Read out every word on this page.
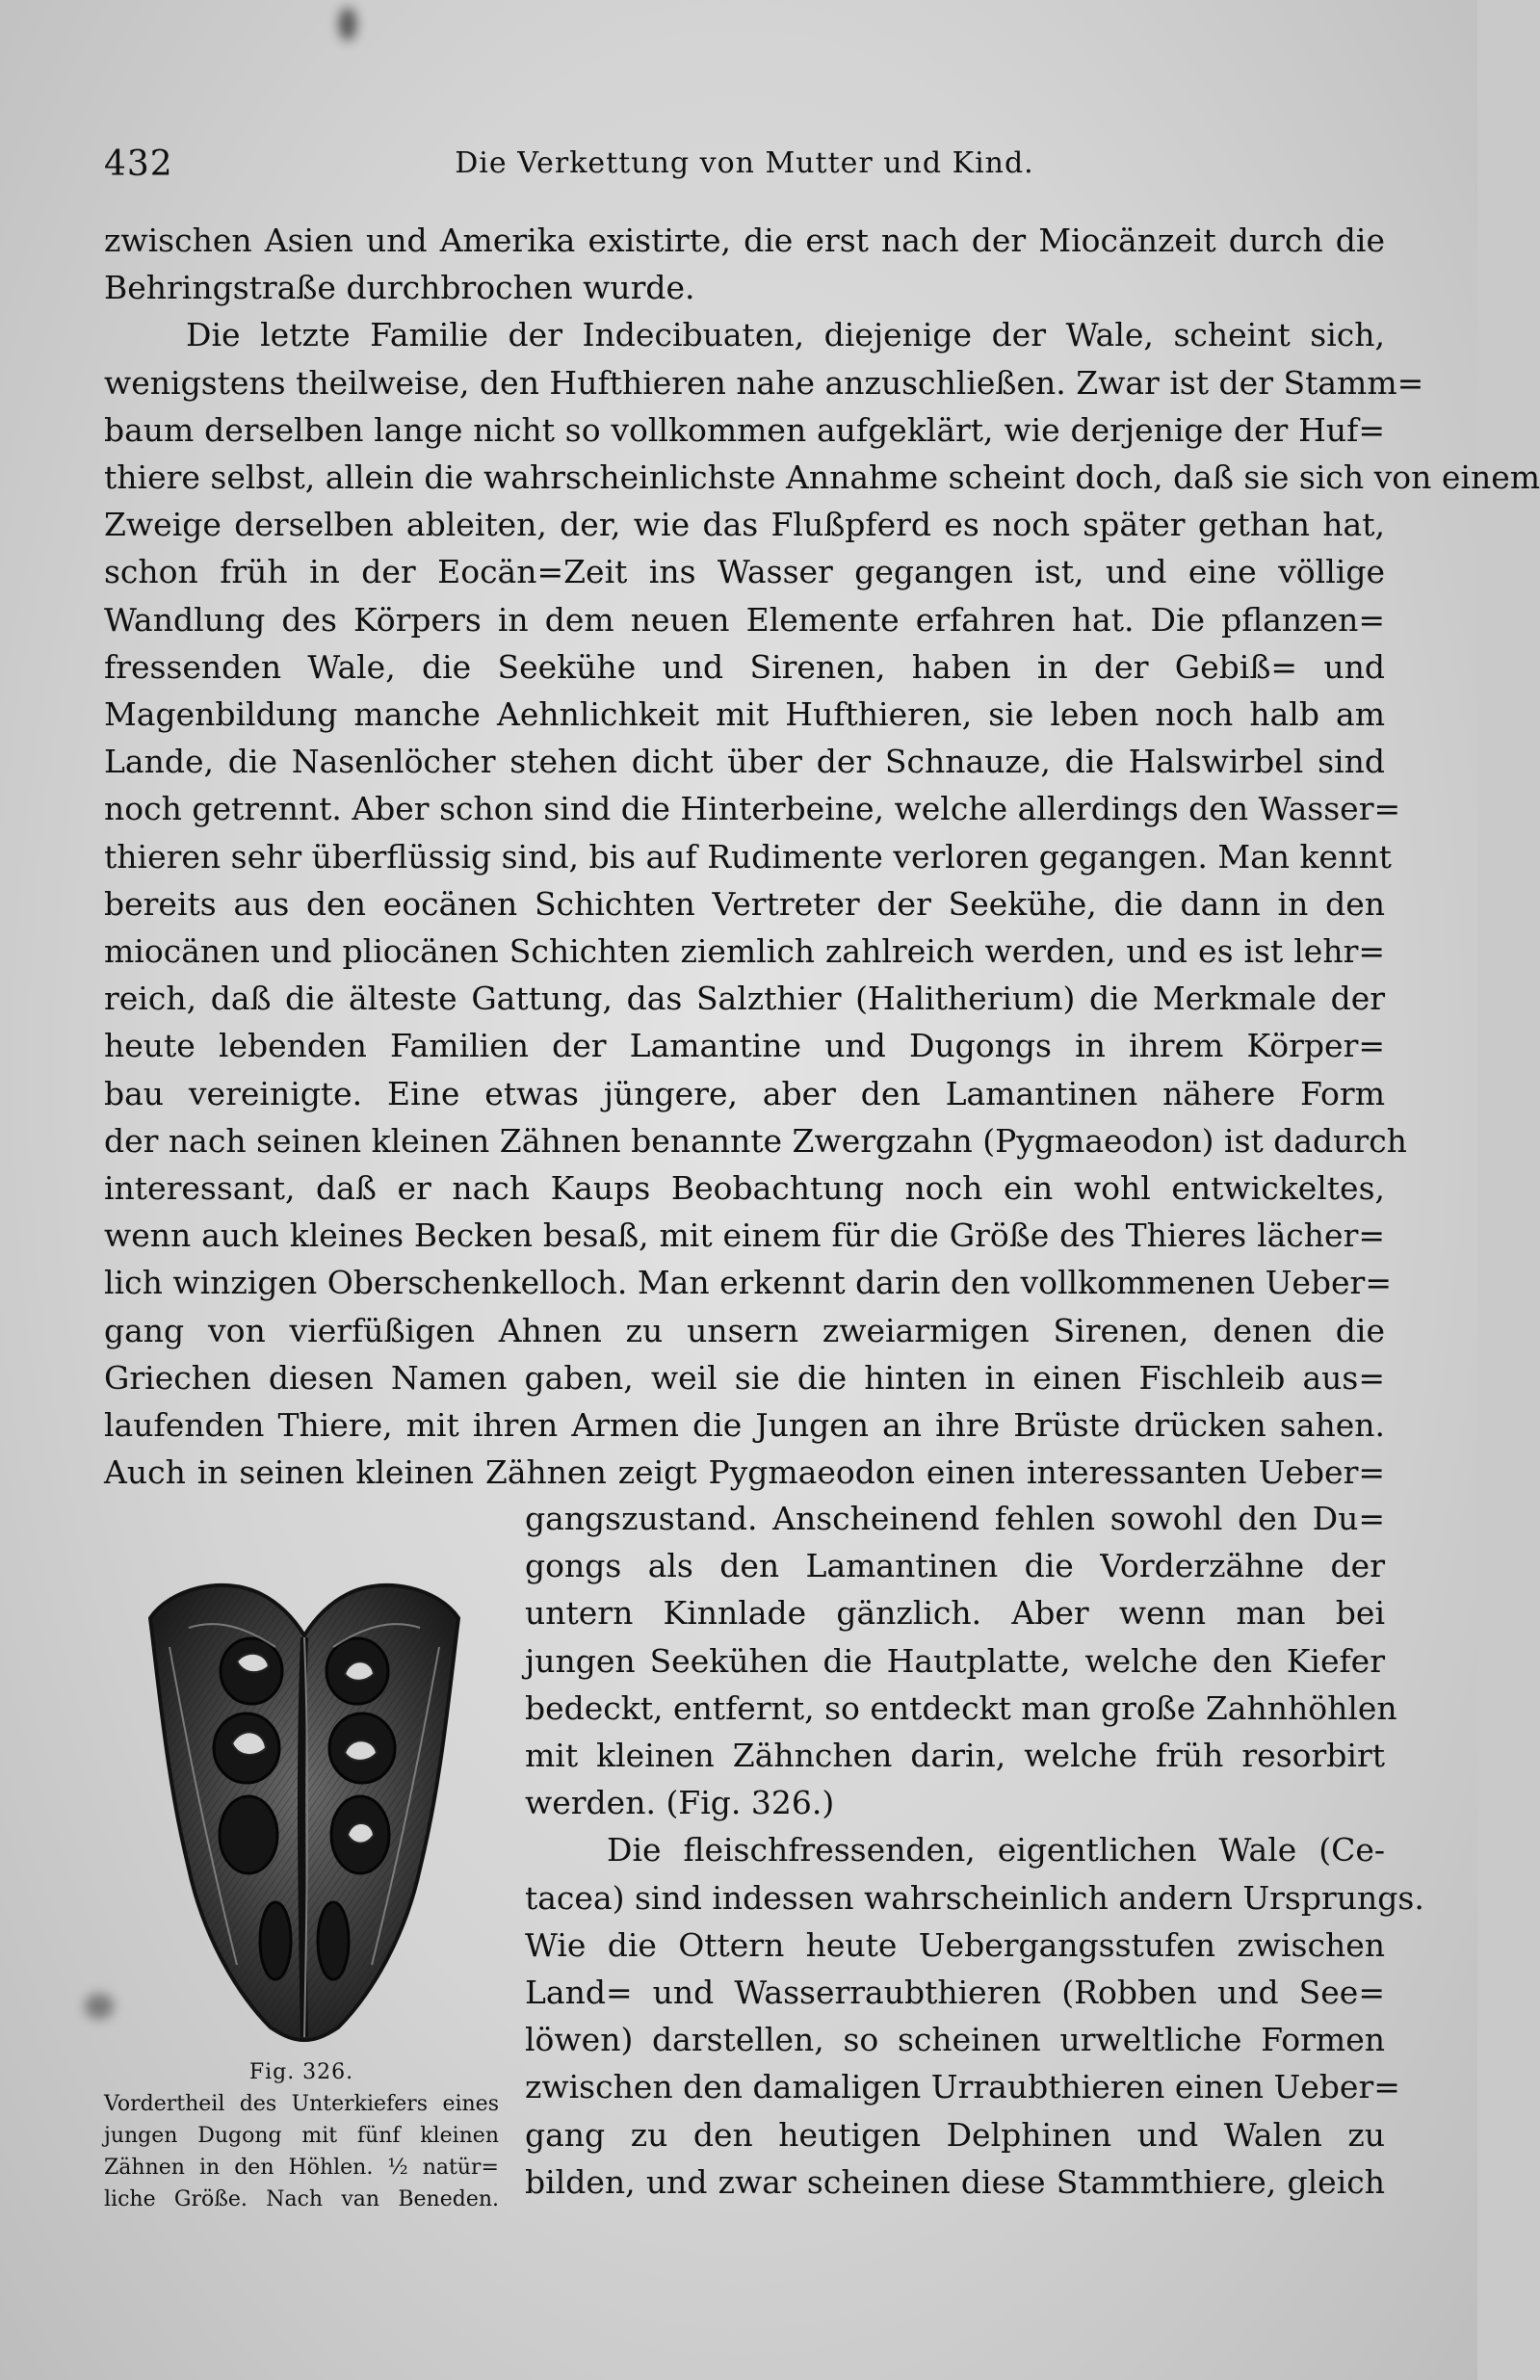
432	Die Verkettung von Mutter und Kind.
zwischen Asien und Amerika existirte, die erst nach der Miocänzeit durch die
Behringstraße durchbrochen wurde.
Die letzte Familie der Indecibuaten, diejenige der Wale, scheint sich,
wenigstens theilweise, den Hufthieren nahe anzuschließen. Zwar ist der Stamm=
baum derselben lange nicht so vollkommen aufgeklärt, wie derjenige der Huf=
thiere selbst, allein die wahrscheinlichste Annahme scheint doch, daß sie sich von einem
Zweige derselben ableiten, der, wie das Flußpferd es noch später gethan hat,
schon früh in der Eocän=Zeit ins Wasser gegangen ist, und eine völlige
Wandlung des Körpers in dem neuen Elemente erfahren hat. Die pflanzen=
fressenden Wale, die Seekühe und Sirenen, haben in der Gebiß= und
Magenbildung manche Aehnlichkeit mit Hufthieren, sie leben noch halb am
Lande, die Nasenlöcher stehen dicht über der Schnauze, die Halswirbel sind
noch getrennt. Aber schon sind die Hinterbeine, welche allerdings den Wasser=
thieren sehr überflüssig sind, bis auf Rudimente verloren gegangen. Man kennt
bereits aus den eocänen Schichten Vertreter der Seekühe, die dann in den
miocänen und pliocänen Schichten ziemlich zahlreich werden, und es ist lehr=
reich, daß die älteste Gattung, das Salzthier (Halitherium) die Merkmale der
heute lebenden Familien der Lamantine und Dugongs in ihrem Körper=
bau vereinigte. Eine etwas jüngere, aber den Lamantinen nähere Form
der nach seinen kleinen Zähnen benannte Zwergzahn (Pygmaeodon) ist dadurch
interessant, daß er nach Kaups Beobachtung noch ein wohl entwickeltes,
wenn auch kleines Becken besaß, mit einem für die Größe des Thieres lächer=
lich winzigen Oberschenkelloch. Man erkennt darin den vollkommenen Ueber=
gang von vierfüßigen Ahnen zu unsern zweiarmigen Sirenen, denen die
Griechen diesen Namen gaben, weil sie die hinten in einen Fischleib aus=
laufenden Thiere, mit ihren Armen die Jungen an ihre Brüste drücken sahen.
Auch in seinen kleinen Zähnen zeigt Pygmaeodon einen interessanten Ueber=
gangszustand. Anscheinend fehlen sowohl den Du=
gongs als den Lamantinen die Vorderzähne der
untern Kinnlade gänzlich. Aber wenn man bei
jungen Seekühen die Hautplatte, welche den Kiefer
bedeckt, entfernt, so entdeckt man große Zahnhöhlen
mit kleinen Zähnchen darin, welche früh resorbirt
werden. (Fig. 326.)
Die fleischfressenden, eigentlichen Wale (Ce-
tacea) sind indessen wahrscheinlich andern Ursprungs.
Wie die Ottern heute Uebergangsstufen zwischen
Land= und Wasserraubthieren (Robben und See=
löwen) darstellen, so scheinen urweltliche Formen
zwischen den damaligen Urraubthieren einen Ueber=
gang zu den heutigen Delphinen und Walen zu
bilden, und zwar scheinen diese Stammthiere, gleich
Fig. 326.
Vordertheil des Unterkiefers eines
jungen Dugong mit fünf kleinen
Zähnen in den Höhlen. ½ natür=
liche Größe. Nach van Beneden.
